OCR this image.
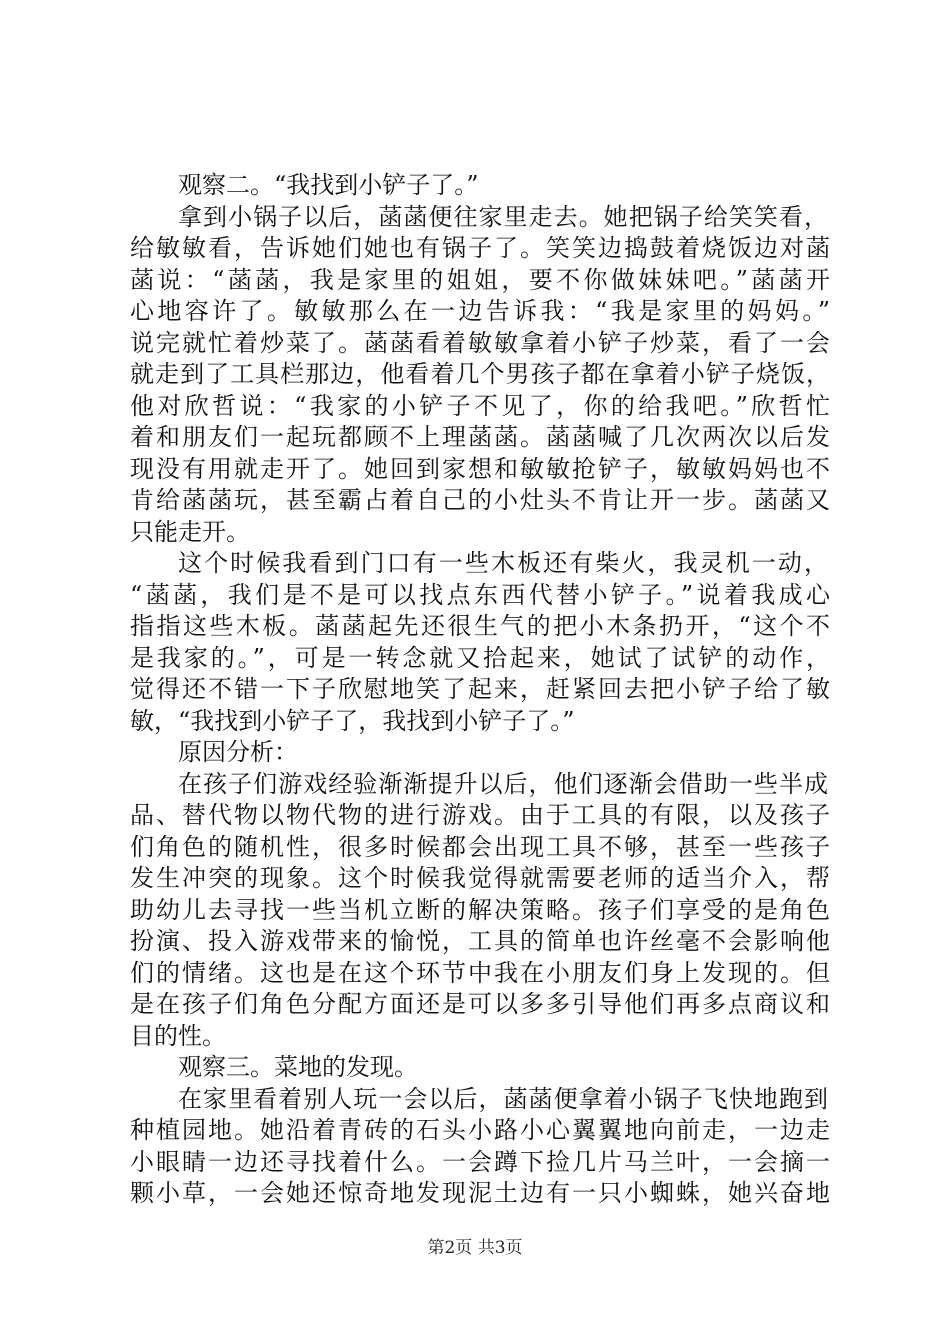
观察二。“我找到小铲子了。”
拿到小锅子以后，菡菡便往家里走去。她把锅子给笑笑看，
给敏敏看，告诉她们她也有锅子了。笑笑边捣鼓着烧饭边对菡
菡说：“菡菡，我是家里的姐姐，要不你做妹妹吧。”菡菡开
心地容许了。敏敏那么在一边告诉我：“我是家里的妈妈。”
说完就忙着炒菜了。菡菡看着敏敏拿着小铲子炒菜，看了一会
就走到了工具栏那边，他看着几个男孩子都在拿着小铲子烧饭，
他对欣哲说：“我家的小铲子不见了，你的给我吧。”欣哲忙
着和朋友们一起玩都顾不上理菡菡。菡菡喊了几次两次以后发
现没有用就走开了。她回到家想和敏敏抢铲子，敏敏妈妈也不
肯给菡菡玩，甚至霸占着自己的小灶头不肯让开一步。菡菡又
只能走开。
这个时候我看到门口有一些木板还有柴火，我灵机一动，
“菡菡，我们是不是可以找点东西代替小铲子。”说着我成心
指指这些木板。菡菡起先还很生气的把小木条扔开，“这个不
是我家的。”，可是一转念就又拾起来，她试了试铲的动作，
觉得还不错一下子欣慰地笑了起来，赶紧回去把小铲子给了敏
敏，“我找到小铲子了，我找到小铲子了。”
原因分析：
在孩子们游戏经验渐渐提升以后，他们逐渐会借助一些半成
品、替代物以物代物的进行游戏。由于工具的有限，以及孩子
们角色的随机性，很多时候都会出现工具不够，甚至一些孩子
发生冲突的现象。这个时候我觉得就需要老师的适当介入，帮
助幼儿去寻找一些当机立断的解决策略。孩子们享受的是角色
扮演、投入游戏带来的愉悦，工具的简单也许丝毫不会影响他
们的情绪。这也是在这个环节中我在小朋友们身上发现的。但
是在孩子们角色分配方面还是可以多多引导他们再多点商议和
目的性。
观察三。菜地的发现。
在家里看着别人玩一会以后，菡菡便拿着小锅子飞快地跑到
种植园地。她沿着青砖的石头小路小心翼翼地向前走，一边走
小眼睛一边还寻找着什么。一会蹲下捡几片马兰叶，一会摘一
颗小草，一会她还惊奇地发现泥土边有一只小蜘蛛，她兴奋地
第2页 共3页
